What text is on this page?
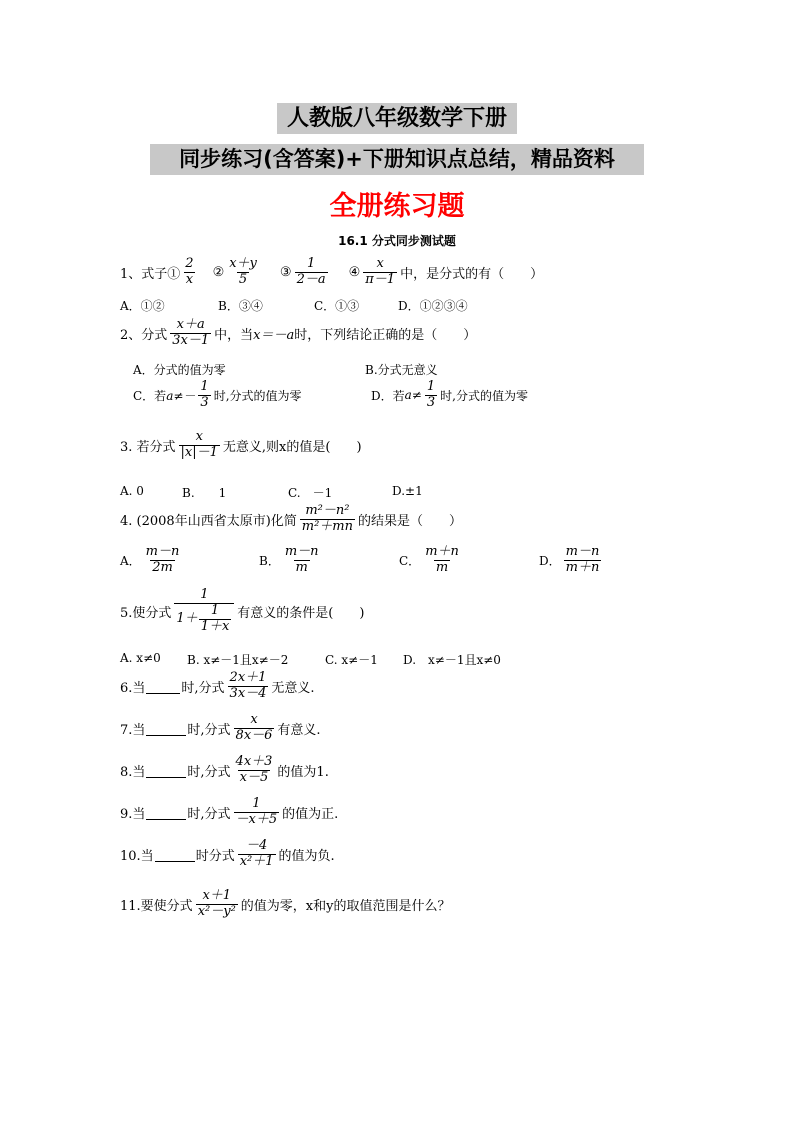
人教版八年级数学下册
同步练习(含答案)+下册知识点总结，精品资料
全册练习题
16.1 分式同步测试题
1、式子① $\frac{2}{x}$ ② $\frac{x+y}{5}$ ③ $\frac{1}{2-a}$ ④ $\frac{x}{\pi-1}$ 中，是分式的有（　　）
A．①②	B．③④	C．①③	D．①②③④
2、分式 $\frac{x+a}{3x-1}$ 中，当 x＝－a 时，下列结论正确的是（　　）
A．分式的值为零	B.分式无意义
C．若 $a\ne- \frac{1}{3}$ 时,分式的值为零	D．若 $a\ne \frac{1}{3}$ 时,分式的值为零
3. 若分式 $\frac{x}{|x|-1}$ 无意义,则x的值是(　　)
A. 0	B.　　1	C.　－1	D.±1
4. (2008年山西省太原市)化简 $\frac{\text{m²－n²}}{\text{m²＋mn}}$ 的结果是（　　）
A． $\frac{m-n}{2m}$	B． $\frac{m-n}{m}$	C． $\frac{m+n}{m}$	D． $\frac{m-n}{m+n}$
5.使分式 $\frac{1}{1+ \frac{1}{1+x}}$ 有意义的条件是(　　)
A. x≠0 B. x≠－1且x≠－2	C. x≠－1 D.　x≠－1且x≠0
6.当	时,分式 $\frac{2x+1}{3x-4}$ 无意义.
7.当	时,分式 $\frac{x}{8x-6}$ 有意义.
8.当	时,分式 $\frac{4x+3}{x-5}$ 的值为1.
9.当	时,分式 $\frac{1}{-x+5}$ 的值为正.
10.当	时分式 $\frac{-4}{\text{x²＋1}}$ 的值为负.
11.要使分式 $\frac{x+1}{\text{x²－y²}}$ 的值为零，x和y的取值范围是什么？
